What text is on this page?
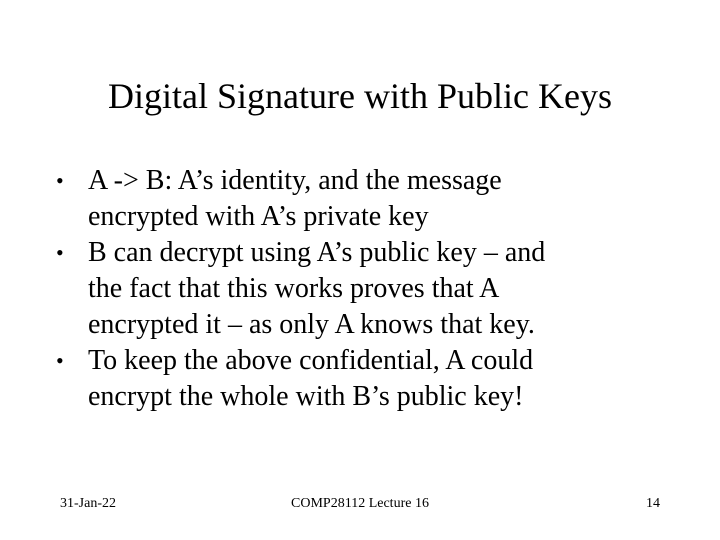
Digital Signature with Public Keys
• A -> B: A’s identity, and the message
encrypted with A’s private key
• B can decrypt using A’s public key – and
the fact that this works proves that A
encrypted it – as only A knows that key.
• To keep the above confidential, A could
encrypt the whole with B’s public key!
31-Jan-22	COMP28112 Lecture 16	14
